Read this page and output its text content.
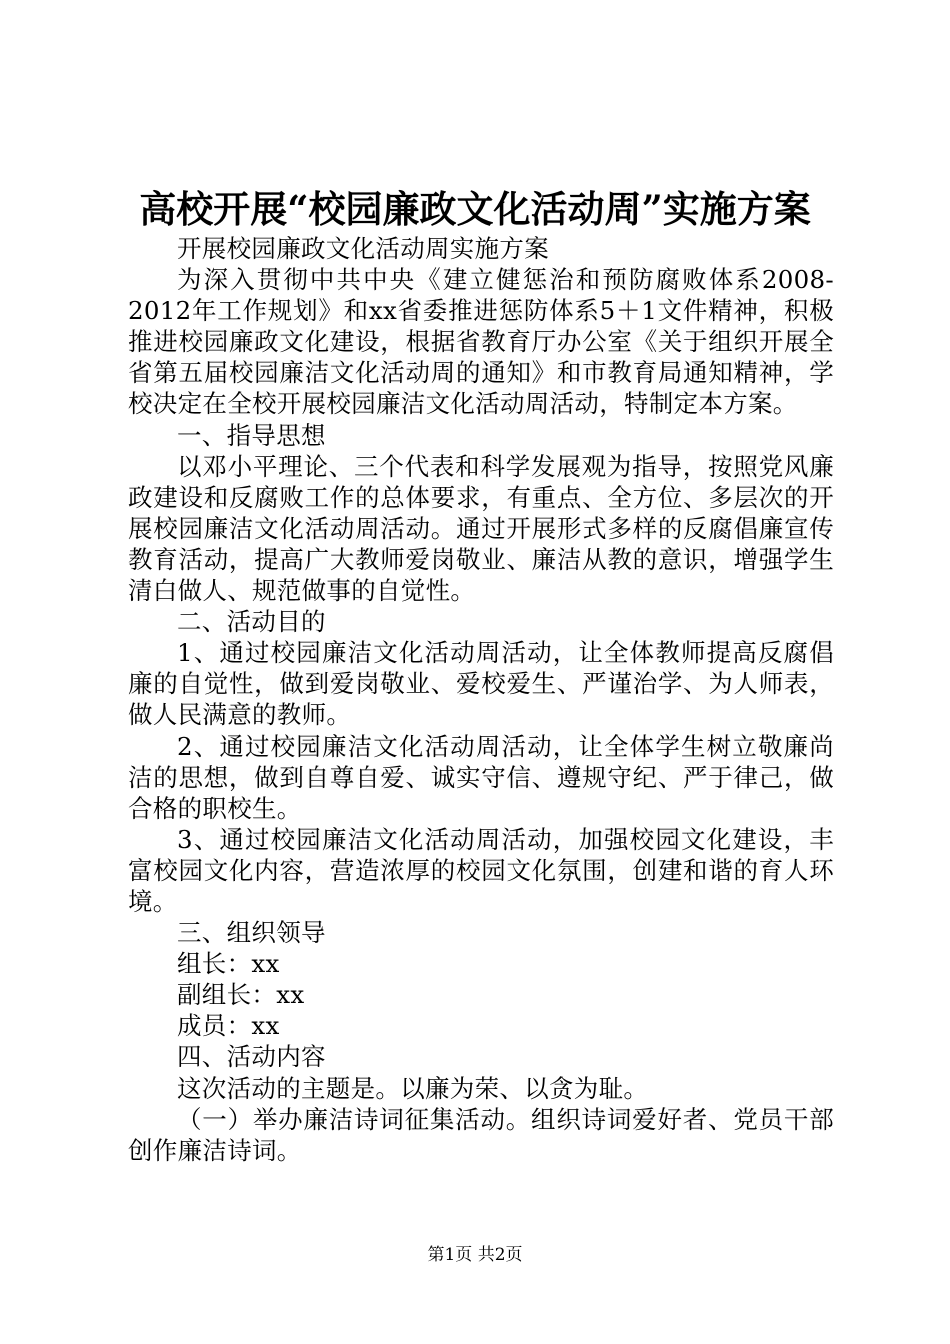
高校开展“校园廉政文化活动周”实施方案

开展校园廉政文化活动周实施方案

为深入贯彻中共中央《建立健惩治和预防腐败体系2008-2012年工作规划》和xx省委推进惩防体系5＋1文件精神，积极推进校园廉政文化建设，根据省教育厅办公室《关于组织开展全省第五届校园廉洁文化活动周的通知》和市教育局通知精神，学校决定在全校开展校园廉洁文化活动周活动，特制定本方案。

一、指导思想

以邓小平理论、三个代表和科学发展观为指导，按照党风廉政建设和反腐败工作的总体要求，有重点、全方位、多层次的开展校园廉洁文化活动周活动。通过开展形式多样的反腐倡廉宣传教育活动，提高广大教师爱岗敬业、廉洁从教的意识，增强学生清白做人、规范做事的自觉性。

二、活动目的

1、通过校园廉洁文化活动周活动，让全体教师提高反腐倡廉的自觉性，做到爱岗敬业、爱校爱生、严谨治学、为人师表，做人民满意的教师。

2、通过校园廉洁文化活动周活动，让全体学生树立敬廉尚洁的思想，做到自尊自爱、诚实守信、遵规守纪、严于律己，做合格的职校生。

3、通过校园廉洁文化活动周活动，加强校园文化建设，丰富校园文化内容，营造浓厚的校园文化氛围，创建和谐的育人环境。

三、组织领导

组长：xx

副组长：xx

成员：xx

四、活动内容

这次活动的主题是。以廉为荣、以贪为耻。

（一）举办廉洁诗词征集活动。组织诗词爱好者、党员干部创作廉洁诗词。

第1页 共2页
